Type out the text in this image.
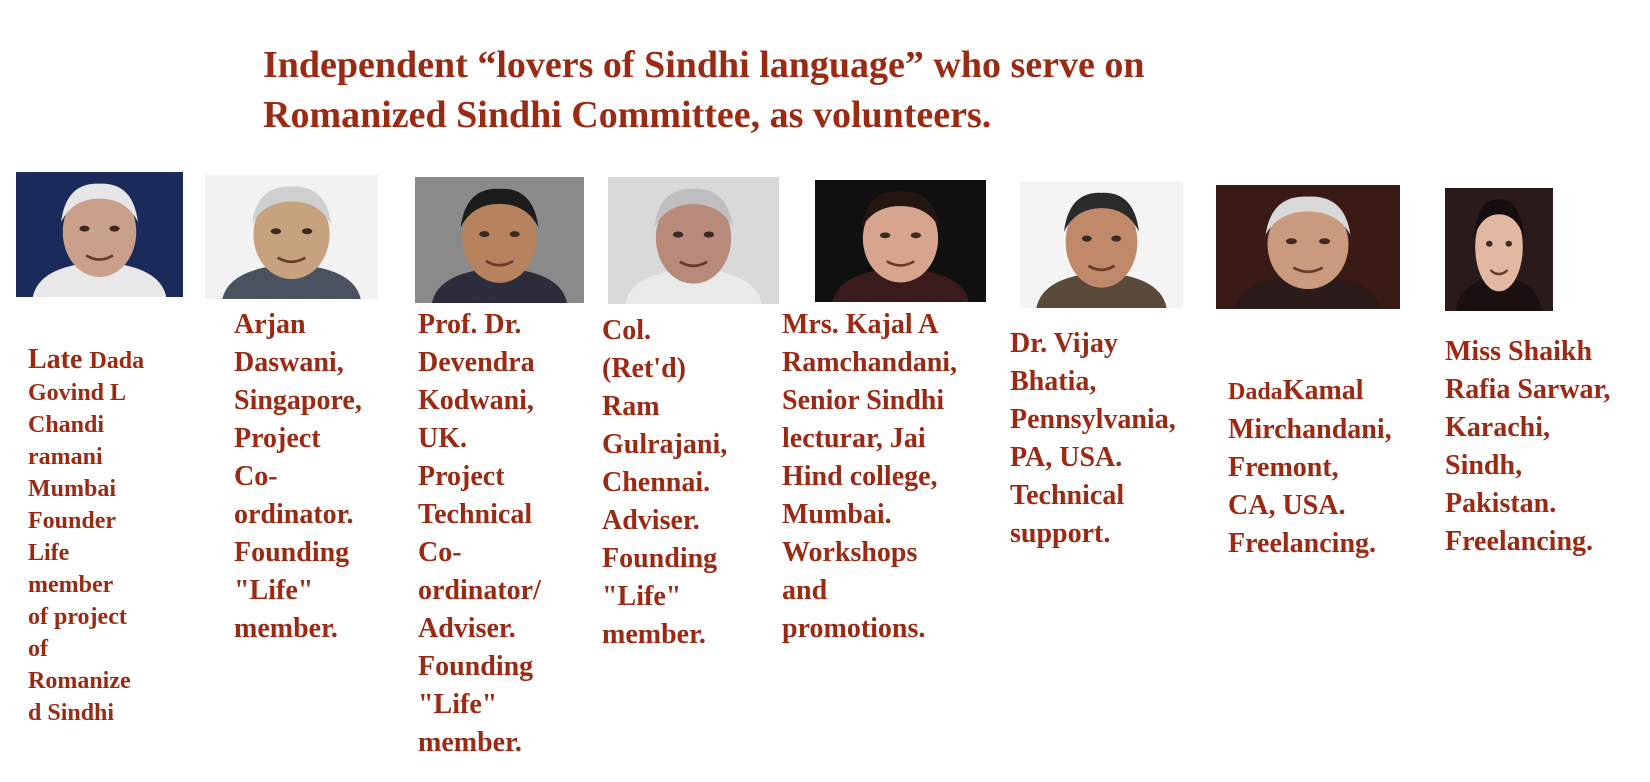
Independent “lovers of Sindhi language” who serve on
Romanized Sindhi Committee, as volunteers.

Late Dada
Govind L
Chandi
ramani
Mumbai
Founder
Life
member
of project
of
Romanize
d Sindhi

Arjan
Daswani,
Singapore,
Project
Co-
ordinator.
Founding
"Life"
member.
Prof. Dr.
Devendra
Kodwani,
UK.
Project
Technical
Co-
ordinator/
Adviser.
Founding
"Life"
member.
Col.
(Ret'd)
Ram
Gulrajani,
Chennai.
Adviser.
Founding
"Life"
member.
Mrs. Kajal A
Ramchandani,
Senior Sindhi
lecturar, Jai
Hind college,
Mumbai.
Workshops
and
promotions.
Dr. Vijay
Bhatia,
Pennsylvania,
PA, USA.
Technical
support.

DadaKamal
Mirchandani,
Fremont,
CA, USA.
Freelancing.

Miss Shaikh
Rafia Sarwar,
Karachi,
Sindh,
Pakistan.
Freelancing.
